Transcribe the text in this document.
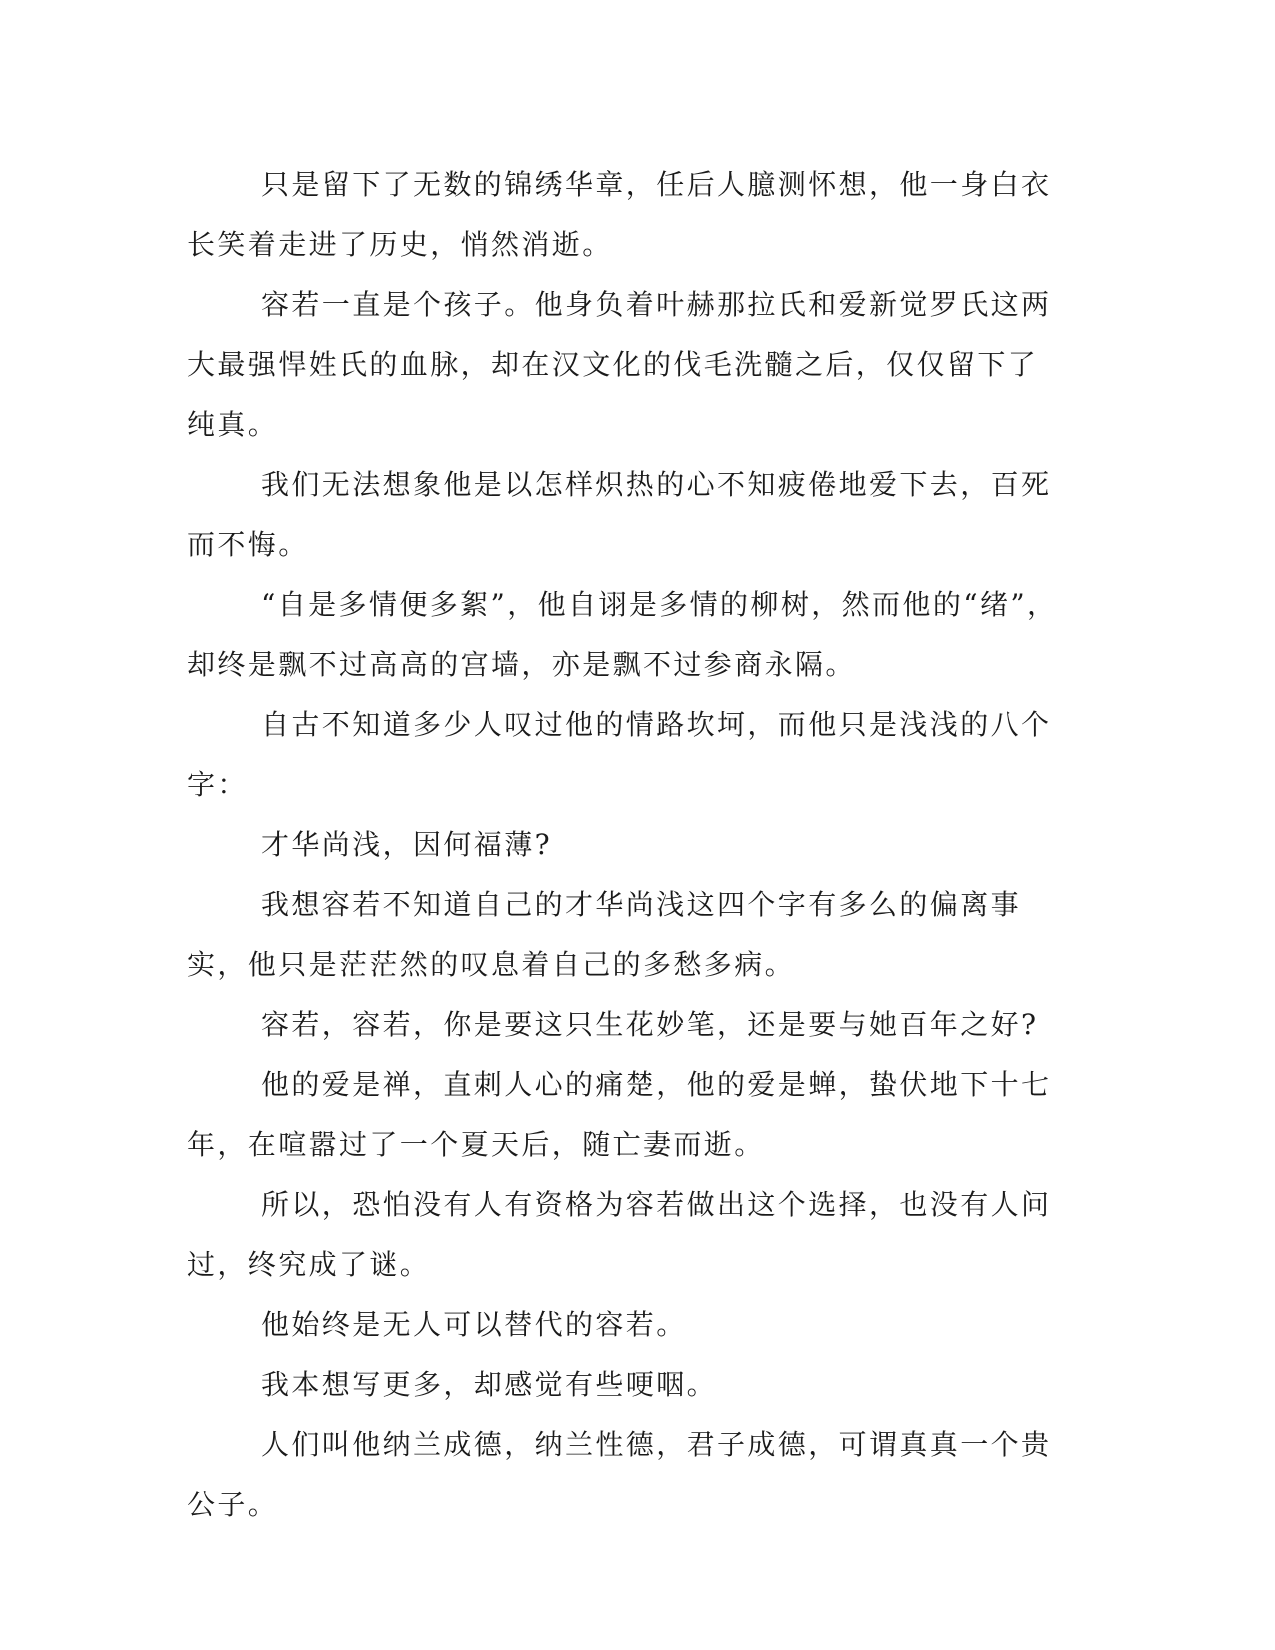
只是留下了无数的锦绣华章，任后人臆测怀想，他一身白衣长笑着走进了历史，悄然消逝。

容若一直是个孩子。他身负着叶赫那拉氏和爱新觉罗氏这两大最强悍姓氏的血脉，却在汉文化的伐毛洗髓之后，仅仅留下了纯真。

我们无法想象他是以怎样炽热的心不知疲倦地爱下去，百死而不悔。

“自是多情便多絮”，他自诩是多情的柳树，然而他的“绪”，却终是飘不过高高的宫墙，亦是飘不过参商永隔。

自古不知道多少人叹过他的情路坎坷，而他只是浅浅的八个字：

才华尚浅，因何福薄?

我想容若不知道自己的才华尚浅这四个字有多么的偏离事实，他只是茫茫然的叹息着自己的多愁多病。

容若，容若，你是要这只生花妙笔，还是要与她百年之好?

他的爱是禅，直刺人心的痛楚，他的爱是蝉，蛰伏地下十七年，在喧嚣过了一个夏天后，随亡妻而逝。

所以，恐怕没有人有资格为容若做出这个选择，也没有人问过，终究成了谜。

他始终是无人可以替代的容若。

我本想写更多，却感觉有些哽咽。

人们叫他纳兰成德，纳兰性德，君子成德，可谓真真一个贵公子。
